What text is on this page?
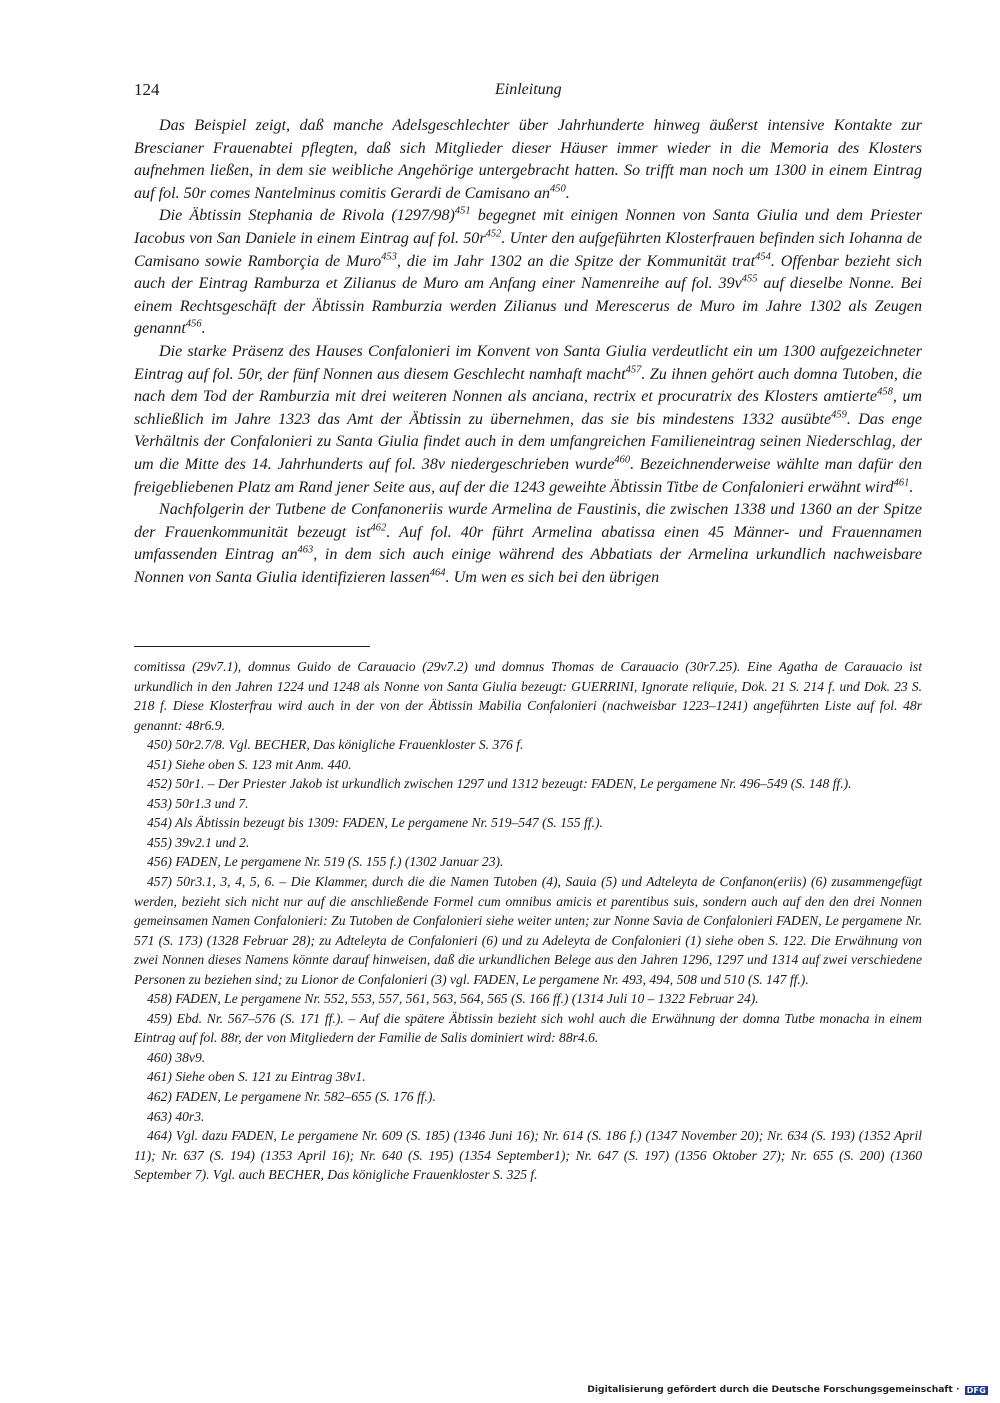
124	Einleitung

Das Beispiel zeigt, daß manche Adelsgeschlechter über Jahrhunderte hinweg äußerst intensive Kontakte zur Brescianer Frauenabtei pflegten, daß sich Mitglieder dieser Häuser immer wieder in die Memoria des Klosters aufnehmen ließen, in dem sie weibliche Angehörige untergebracht hatten. So trifft man noch um 1300 in einem Eintrag auf fol. 50r comes Nantelminus comitis Gerardi de Camisano $an^{450}$.

Die Äbtissin Stephania de Rivola $(1297/98)^{451}$ begegnet mit einigen Nonnen von Santa Giulia und dem Priester Iacobus von San Daniele in einem Eintrag auf fol. $50r^{452}$. Unter den aufgeführten Klosterfrauen befinden sich Iohanna de Camisano sowie Ramborçia de Muro$^{453}$, die im Jahr 1302 an die Spitze der Kommunität trat$^{454}$. Offenbar bezieht sich auch der Eintrag Ramburza et Zilianus de Muro am Anfang einer Namenreihe auf fol. $39v^{455}$ auf dieselbe Nonne. Bei einem Rechtsgeschäft der Äbtissin Ramburzia werden Zilianus und Merescerus de Muro im Jahre 1302 als Zeugen genannt$^{456}$.

Die starke Präsenz des Hauses Confalonieri im Konvent von Santa Giulia verdeutlicht ein um 1300 aufgezeichneter Eintrag auf fol. 50r, der fünf Nonnen aus diesem Geschlecht namhaft macht$^{457}$. Zu ihnen gehört auch domna Tutoben, die nach dem Tod der Ramburzia mit drei weiteren Nonnen als anciana, rectrix et procuratrix des Klosters amtierte$^{458}$, um schließlich im Jahre 1323 das Amt der Äbtissin zu übernehmen, das sie bis mindestens 1332 ausübte$^{459}$. Das enge Verhältnis der Confalonieri zu Santa Giulia findet auch in dem umfangreichen Familieneintrag seinen Niederschlag, der um die Mitte des 14. Jahrhunderts auf fol. 38v niedergeschrieben wurde$^{460}$. Bezeichnenderweise wählte man dafür den freigebliebenen Platz am Rand jener Seite aus, auf der die 1243 geweihte Äbtissin Titbe de Confalonieri erwähnt wird$^{461}$.

Nachfolgerin der Tutbene de Confanoneriis wurde Armelina de Faustinis, die zwischen 1338 und 1360 an der Spitze der Frauenkommunität bezeugt ist$^{462}$. Auf fol. 40r führt Armelina abatissa einen 45 Männer- und Frauennamen umfassenden Eintrag $an^{463}$, in dem sich auch einige während des Abbatiats der Armelina urkundlich nachweisbare Nonnen von Santa Giulia identifizieren lassen$^{464}$. Um wen es sich bei den übrigen

comitissa (29v7.1), domnus Guido de Carauacio (29v7.2) und domnus Thomas de Carauacio (30r7.25). Eine Agatha de Carauacio ist urkundlich in den Jahren 1224 und 1248 als Nonne von Santa Giulia bezeugt: GUERRINI, Ignorate reliquie, Dok. 21 S. 214 f. und Dok. 23 S. 218 f. Diese Klosterfrau wird auch in der von der Äbtissin Mabilia Confalonieri (nachweisbar 1223–1241) angeführten Liste auf fol. 48r genannt: 48r6.9.

450) 50r2.7/8. Vgl. BECHER, Das königliche Frauenkloster S. 376 f.

451) Siehe oben S. 123 mit Anm. 440.

452) 50r1. – Der Priester Jakob ist urkundlich zwischen 1297 und 1312 bezeugt: FADEN, Le pergamene Nr. 496–549 (S. 148 ff.).

453) 50r1.3 und 7.

454) Als Äbtissin bezeugt bis 1309: FADEN, Le pergamene Nr. 519–547 (S. 155 ff.).

455) 39v2.1 und 2.

456) FADEN, Le pergamene Nr. 519 (S. 155 f.) (1302 Januar 23).

457) 50r3.1, 3, 4, 5, 6. – Die Klammer, durch die die Namen Tutoben (4), Sauia (5) und Adteleyta de Confanon(eriis) (6) zusammengefügt werden, bezieht sich nicht nur auf die anschließende Formel cum omnibus amicis et parentibus suis, sondern auch auf den den drei Nonnen gemeinsamen Namen Confalonieri: Zu Tutoben de Confalonieri siehe weiter unten; zur Nonne Savia de Confalonieri FADEN, Le pergamene Nr. 571 (S. 173) (1328 Februar 28); zu Adteleyta de Confalonieri (6) und zu Adeleyta de Confalonieri (1) siehe oben S. 122. Die Erwähnung von zwei Nonnen dieses Namens könnte darauf hinweisen, daß die urkundlichen Belege aus den Jahren 1296, 1297 und 1314 auf zwei verschiedene Personen zu beziehen sind; zu Lionor de Confalonieri (3) vgl. FADEN, Le pergamene Nr. 493, 494, 508 und 510 (S. 147 ff.).

458) FADEN, Le pergamene Nr. 552, 553, 557, 561, 563, 564, 565 (S. 166 ff.) (1314 Juli 10 – 1322 Februar 24).

459) Ebd. Nr. 567–576 (S. 171 ff.). – Auf die spätere Äbtissin bezieht sich wohl auch die Erwähnung der domna Tutbe monacha in einem Eintrag auf fol. 88r, der von Mitgliedern der Familie de Salis dominiert wird: 88r4.6.

460) 38v9.

461) Siehe oben S. 121 zu Eintrag 38v1.

462) FADEN, Le pergamene Nr. 582–655 (S. 176 ff.).

463) 40r3.

464) Vgl. dazu FADEN, Le pergamene Nr. 609 (S. 185) (1346 Juni 16); Nr. 614 (S. 186 f.) (1347 November 20); Nr. 634 (S. 193) (1352 April 11); Nr. 637 (S. 194) (1353 April 16); Nr. 640 (S. 195) (1354 September1); Nr. 647 (S. 197) (1356 Oktober 27); Nr. 655 (S. 200) (1360 September 7). Vgl. auch BECHER, Das königliche Frauenkloster S. 325 f.

Digitalisierung gefördert durch die Deutsche Forschungsgemeinschaft · DFG
